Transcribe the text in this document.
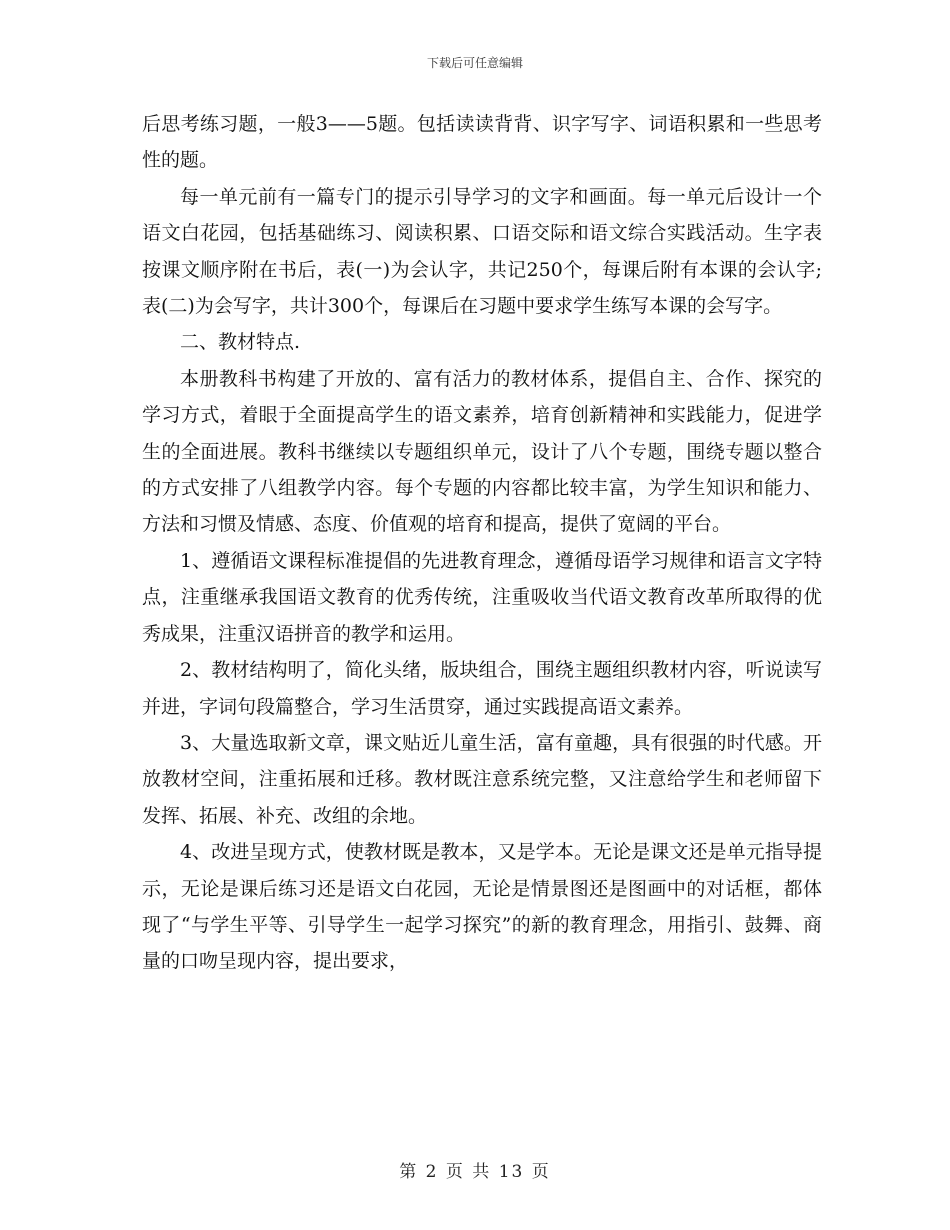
下载后可任意编辑

后思考练习题，一般3——5题。包括读读背背、识字写字、词语积累和一些思考性的题。

每一单元前有一篇专门的提示引导学习的文字和画面。每一单元后设计一个语文白花园，包括基础练习、阅读积累、口语交际和语文综合实践活动。生字表按课文顺序附在书后，表(一)为会认字，共记250个，每课后附有本课的会认字;表(二)为会写字，共计300个，每课后在习题中要求学生练写本课的会写字。

二、教材特点.

本册教科书构建了开放的、富有活力的教材体系，提倡自主、合作、探究的学习方式，着眼于全面提高学生的语文素养，培育创新精神和实践能力，促进学生的全面进展。教科书继续以专题组织单元，设计了八个专题，围绕专题以整合的方式安排了八组教学内容。每个专题的内容都比较丰富，为学生知识和能力、方法和习惯及情感、态度、价值观的培育和提高，提供了宽阔的平台。

1、遵循语文课程标准提倡的先进教育理念，遵循母语学习规律和语言文字特点，注重继承我国语文教育的优秀传统，注重吸收当代语文教育改革所取得的优秀成果，注重汉语拼音的教学和运用。

2、教材结构明了，简化头绪，版块组合，围绕主题组织教材内容，听说读写并进，字词句段篇整合，学习生活贯穿，通过实践提高语文素养。

3、大量选取新文章，课文贴近儿童生活，富有童趣，具有很强的时代感。开放教材空间，注重拓展和迁移。教材既注意系统完整，又注意给学生和老师留下发挥、拓展、补充、改组的余地。

4、改进呈现方式，使教材既是教本，又是学本。无论是课文还是单元指导提示，无论是课后练习还是语文白花园，无论是情景图还是图画中的对话框，都体现了“与学生平等、引导学生一起学习探究”的新的教育理念，用指引、鼓舞、商量的口吻呈现内容，提出要求，

第 2 页 共 13 页
